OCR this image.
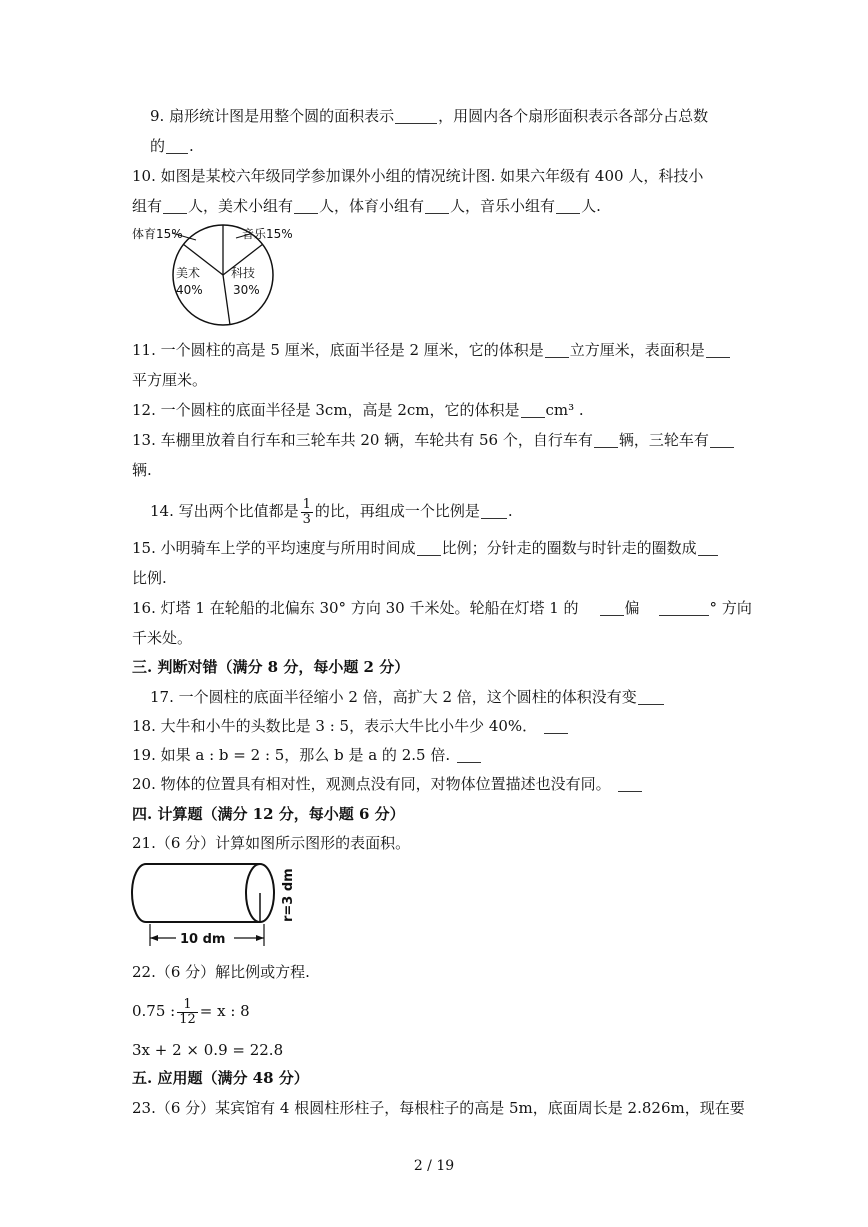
9. 扇形统计图是用整个圆的面积表示	，用圆内各个扇形面积表示各部分占总数
的 .
10. 如图是某校六年级同学参加课外小组的情况统计图. 如果六年级有 400 人，科技小
组有 人，美术小组有 人，体育小组有 人，音乐小组有 人.
体育15%	音乐15%
美术
40%
科技
30%
11. 一个圆柱的高是 5 厘米，底面半径是 2 厘米，它的体积是 立方厘米，表面积是
平方厘米。
12. 一个圆柱的底面半径是 3cm，高是 2cm，它的体积是 cm³ .
13. 车棚里放着自行车和三轮车共 20 辆，车轮共有 56 个，自行车有 辆，三轮车有
辆.
14. 写出两个比值都是 $\frac{1}{3}$ 的比，再组成一个比例是 .
15. 小明骑车上学的平均速度与所用时间成 比例；分针走的圈数与时针走的圈数成
比例.
16. 灯塔 1 在轮船的北偏东 30° 方向 30 千米处。轮船在灯塔 1 的	偏	° 方向
千米处。
三. 判断对错（满分 8 分，每小题 2 分）
17. 一个圆柱的底面半径缩小 2 倍，高扩大 2 倍，这个圆柱的体积没有变
18. 大牛和小牛的头数比是 3 : 5，表示大牛比小牛少 40%．
19. 如果 a : b = 2 : 5，那么 b 是 a 的 2.5 倍.
20. 物体的位置具有相对性，观测点没有同，对物体位置描述也没有同。
四. 计算题（满分 12 分，每小题 6 分）
21.（6 分）计算如图所示图形的表面积。
10 dm
r=3 dm
22.（6 分）解比例或方程.
0.75 : $\frac{1}{12} = x$ : 8
3x + 2 × 0.9 = 22.8
五. 应用题（满分 48 分）
23.（6 分）某宾馆有 4 根圆柱形柱子，每根柱子的高是 5m，底面周长是 2.826m，现在要
2 / 19
